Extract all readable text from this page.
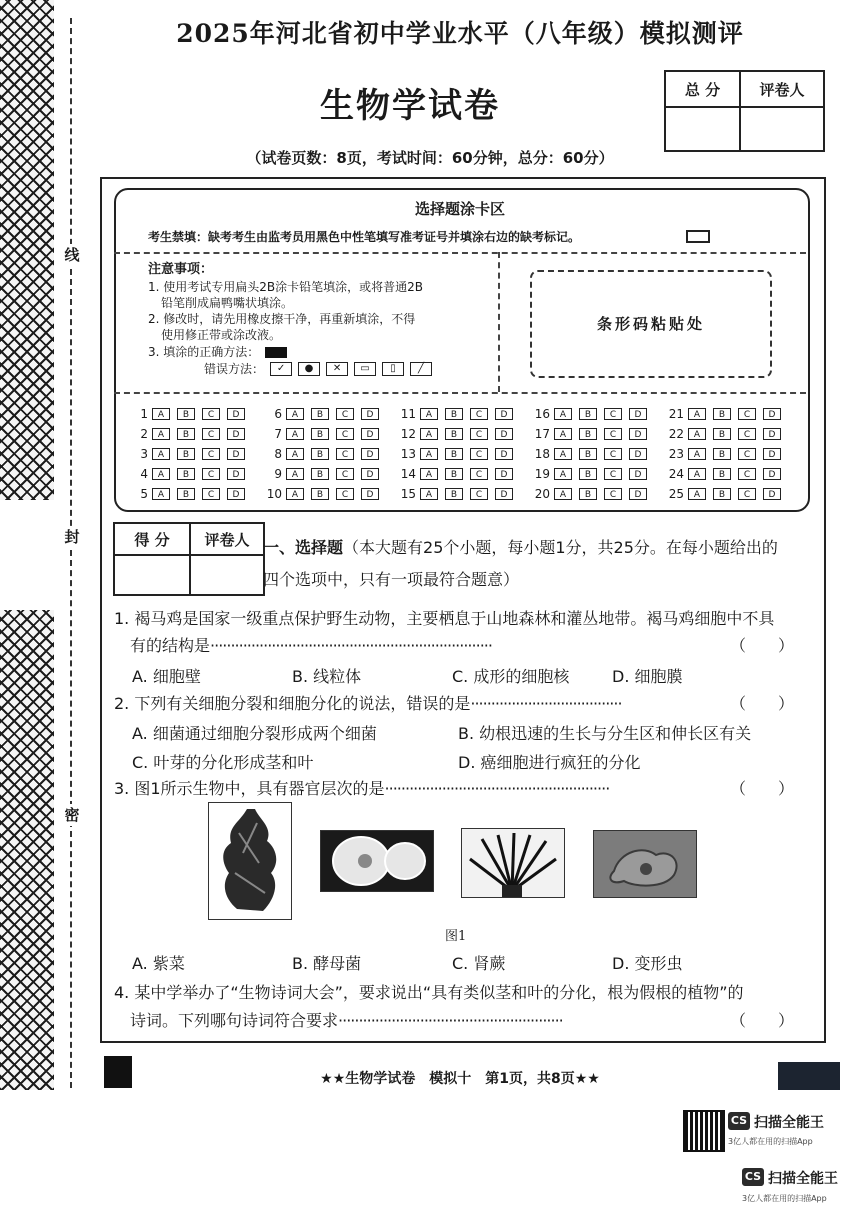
线
封
密
2025年河北省初中学业水平（八年级）模拟测评
生物学试卷
（试卷页数：8页，考试时间：60分钟，总分：60分）
总 分	评卷人

选择题涂卡区
考生禁填：缺考考生由监考员用黑色中性笔填写准考证号并填涂右边的缺考标记。
注意事项：
1. 使用考试专用扁头2B涂卡铅笔填涂，或将普通2B
铅笔削成扁鸭嘴状填涂。
2. 修改时，请先用橡皮擦干净，再重新填涂，不得
使用修正带或涂改液。
3. 填涂的正确方法：
错误方法：	✓	●	✕	▭	▯	╱
条形码粘贴处
1	A	B	C	D	6	A	B	C	D	11	A	B	C	D	16	A	B	C	D	21	A	B	C	D
2	A	B	C	D	7	A	B	C	D	12	A	B	C	D	17	A	B	C	D	22	A	B	C	D
3	A	B	C	D	8	A	B	C	D	13	A	B	C	D	18	A	B	C	D	23	A	B	C	D
4	A	B	C	D	9	A	B	C	D	14	A	B	C	D	19	A	B	C	D	24	A	B	C	D
5	A	B	C	D	10	A	B	C	D	15	A	B	C	D	20	A	B	C	D	25	A	B	C	D
得 分	评卷人
	一、选择题（本大题有25个小题，每小题1分，共25分。在每小题给出的
四个选项中，只有一项最符合题意）
1. 褐马鸡是国家一级重点保护野生动物，主要栖息于山地森林和灌丛地带。褐马鸡细胞中不具
有的结构是·····································································	（　　）
A. 细胞壁	B. 线粒体	C. 成形的细胞核	D. 细胞膜
2. 下列有关细胞分裂和细胞分化的说法，错误的是·····································	（　　）
A. 细菌通过细胞分裂形成两个细菌	B. 幼根迅速的生长与分生区和伸长区有关
C. 叶芽的分化形成茎和叶	D. 癌细胞进行疯狂的分化
3. 图1所示生物中，具有器官层次的是·······················································	（　　）
图1
A. 紫菜	B. 酵母菌	C. 肾蕨	D. 变形虫
4. 某中学举办了“生物诗词大会”，要求说出“具有类似茎和叶的分化，根为假根的植物”的
诗词。下列哪句诗词符合要求·······················································	（　　）
★★生物学试卷　模拟十　第1页，共8页★★
CS 扫描全能王
3亿人都在用的扫描App
CS 扫描全能王
3亿人都在用的扫描App
